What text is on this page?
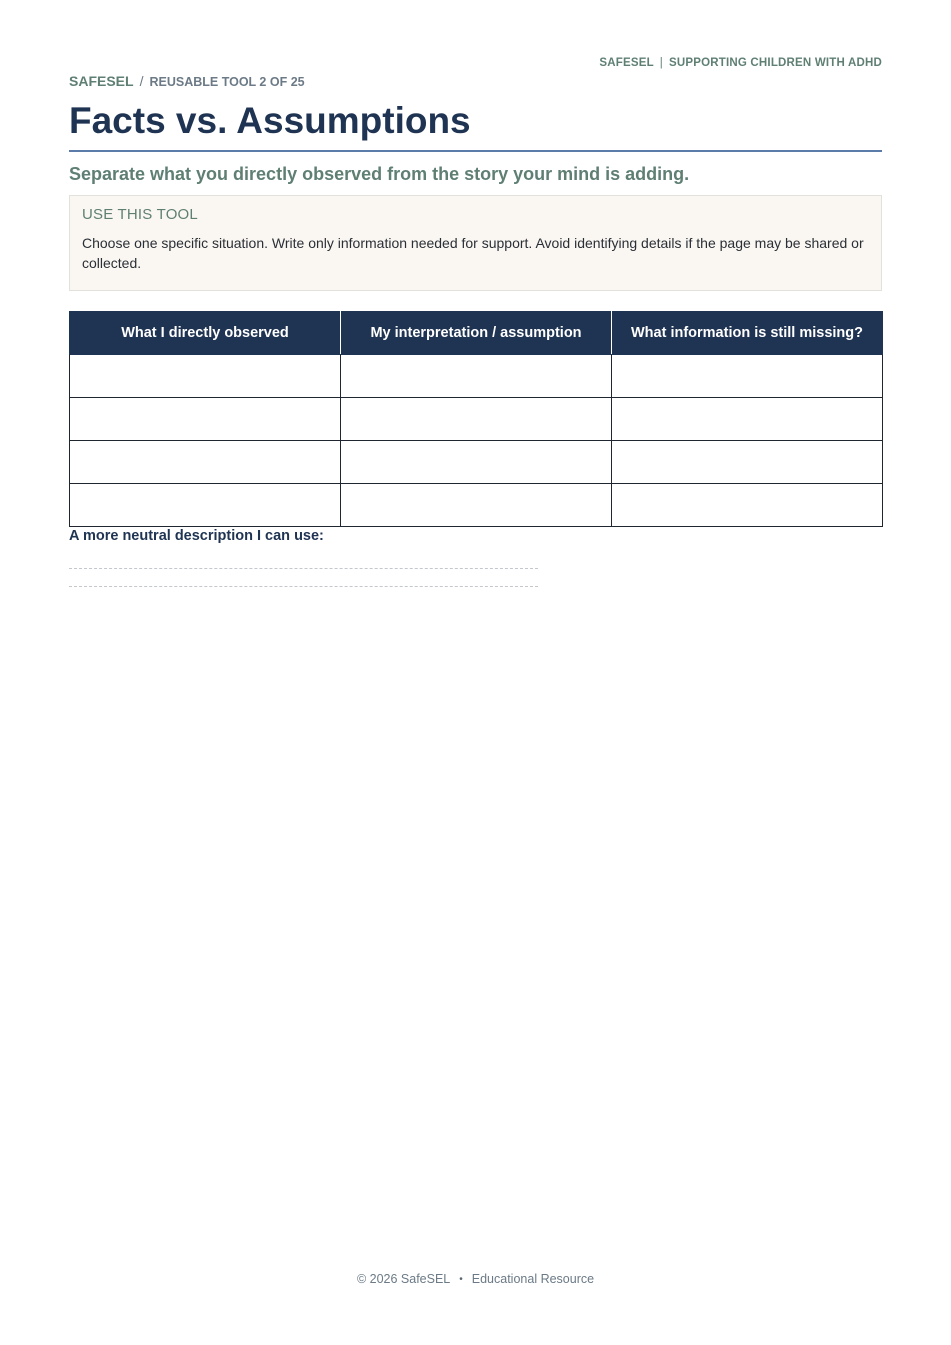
SAFESEL | SUPPORTING CHILDREN WITH ADHD
SAFESEL / REUSABLE TOOL 2 OF 25
Facts vs. Assumptions
Separate what you directly observed from the story your mind is adding.
USE THIS TOOL
Choose one specific situation. Write only information needed for support. Avoid identifying details if the page may be shared or collected.
What I directly observed	My interpretation / assumption	What information is still missing?

A more neutral description I can use:
© 2026 SafeSEL • Educational Resource
